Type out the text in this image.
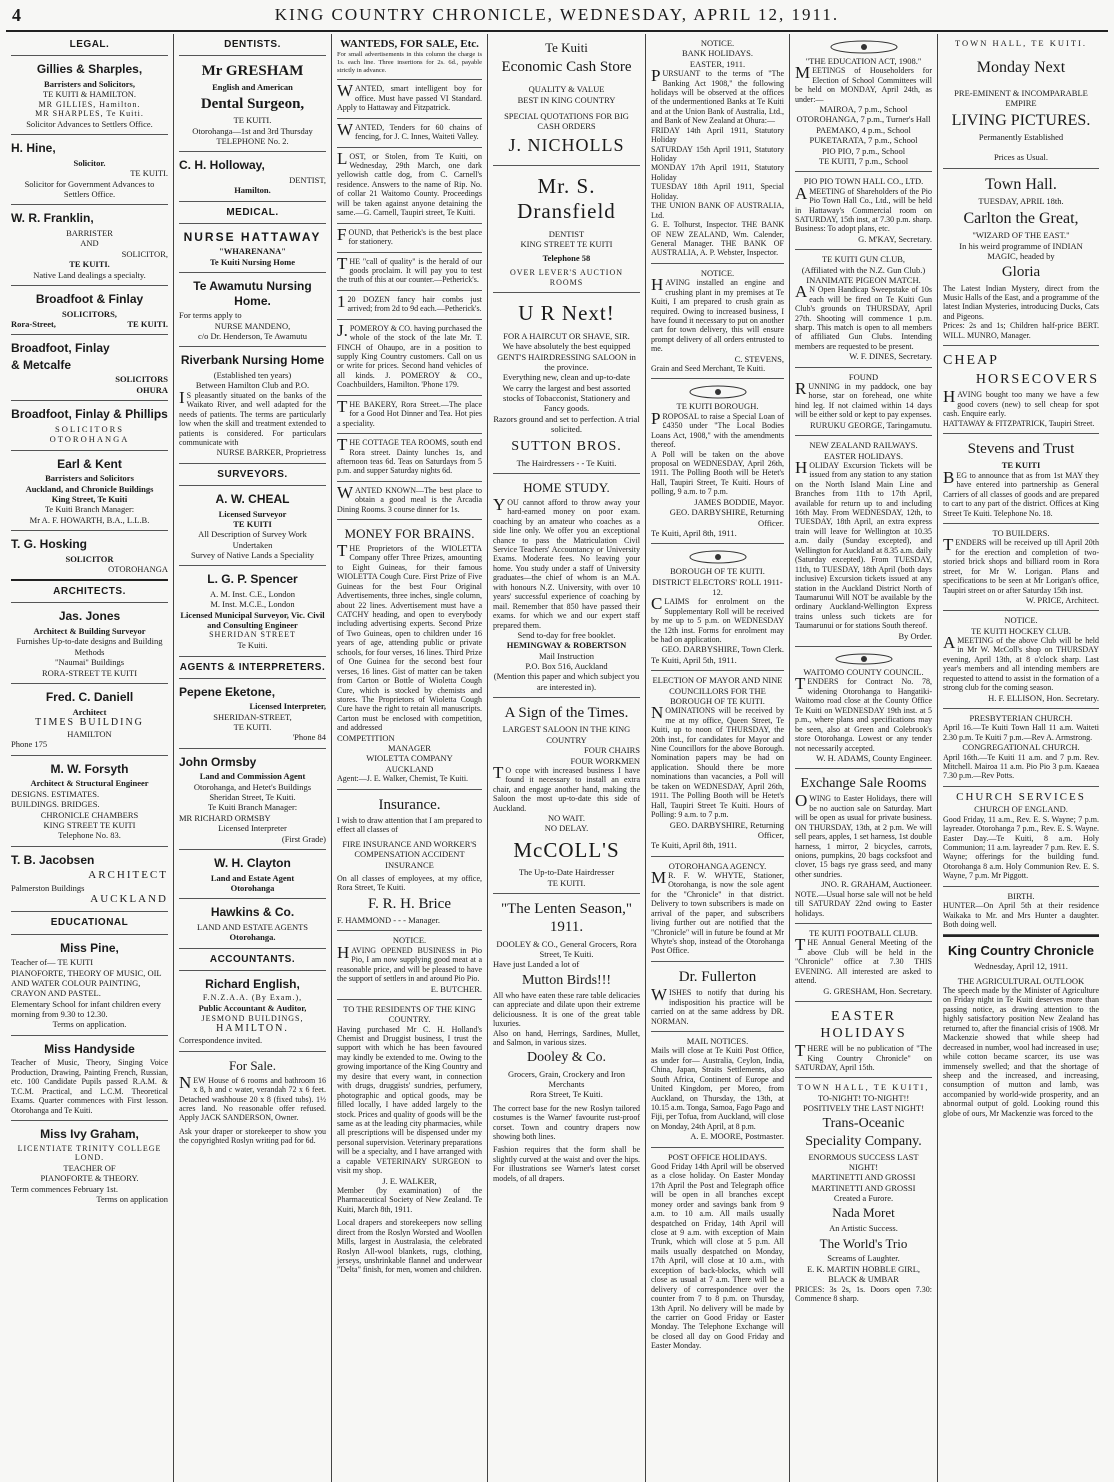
4	KING COUNTRY CHRONICLE, WEDNESDAY, APRIL 12, 1911.
LEGAL.
Gillies & Sharples,
Barristers and Solicitors,
TE KUITI & HAMILTON.
MR GILLIES, Hamilton.
MR SHARPLES, Te Kuiti.
Solicitor Advances to Settlers Office.
H. Hine,
Solicitor.
TE KUITI.
Solicitor for Government Advances to Settlers Office.
W. R. Franklin,
BARRISTER
AND
SOLICITOR,
TE KUITI.
Native Land dealings a specialty.
Broadfoot & Finlay
SOLICITORS,
Rora-Street,	TE KUITI.
Broadfoot, Finlay
& Metcalfe
SOLICITORS
OHURA
Broadfoot, Finlay & Phillips
SOLICITORS
OTOROHANGA
Earl & Kent
Barristers and Solicitors
Auckland, and Chronicle Buildings
King Street, Te Kuiti
Te Kuiti Branch Manager:
Mr A. F. HOWARTH, B.A., L.L.B.
T. G. Hosking
SOLICITOR
OTOROHANGA
ARCHITECTS.
Jas. Jones
Architect & Building Surveyor
Furnishes Up-to-date designs and Building Methods
"Naumai" Buildings
RORA-STREET TE KUITI
Fred. C. Daniell
Architect
TIMES BUILDING
HAMILTON
Phone 175
M. W. Forsyth
Architect & Structural Engineer
DESIGNS. ESTIMATES.
BUILDINGS. BRIDGES.
CHRONICLE CHAMBERS
KING STREET TE KUITI
Telephone No. 83.
T. B. Jacobsen
ARCHITECT
Palmerston Buildings
AUCKLAND
EDUCATIONAL
Miss Pine,
Teacher of— TE KUITI
PIANOFORTE, THEORY OF MUSIC, OIL AND WATER COLOUR PAINTING, CRAYON AND PASTEL.
Elementary School for infant children every morning from 9.30 to 12.30.
Terms on application.
Miss Handyside
Teacher of Music, Theory, Singing Voice Production, Drawing, Painting French, Russian, etc. 100 Candidate Pupils passed R.A.M. & T.C.M. Practical, and L.C.M. Theoretical Exams. Quarter commences with First lesson. Otorohanga and Te Kuiti.
Miss Ivy Graham,
LICENTIATE TRINITY COLLEGE LOND.
TEACHER OF
PIANOFORTE & THEORY.
Term commences February 1st.
Terms on application
DENTISTS.
Mr GRESHAM
English and American
Dental Surgeon,
TE KUITI.
Otorohanga—1st and 3rd Thursday
TELEPHONE No. 2.
C. H. Holloway,
DENTIST,
Hamilton.
MEDICAL.
NURSE HATTAWAY
"WHARENANA"
Te Kuiti Nursing Home
Te Awamutu Nursing Home.
For terms apply to
NURSE MANDENO,
c/o Dr. Henderson, Te Awamutu
Riverbank Nursing Home
(Established ten years)
Between Hamilton Club and P.O.
IS pleasantly situated on the banks of the Waikato River, and well adapted for the needs of patients. The terms are particularly low when the skill and treatment extended to patients is considered. For particulars communicate with
NURSE BARKER, Proprietress
SURVEYORS.
A. W. CHEAL
Licensed Surveyor
TE KUITI
All Description of Survey Work Undertaken
Survey of Native Lands a Speciality
L. G. P. Spencer
A. M. Inst. C.E., London
M. Inst. M.C.E., London
Licensed Municipal Surveyor, Vic. Civil and Consulting Engineer
SHERIDAN STREET
Te Kuiti.
AGENTS & INTERPRETERS.
Pepene Eketone,
Licensed Interpreter,
SHERIDAN-STREET,
TE KUITI.
'Phone 84
John Ormsby
Land and Commission Agent
Otorohanga, and Hetet's Buildings Sheridan Street, Te Kuiti.
Te Kuiti Branch Manager:
MR RICHARD ORMSBY
Licensed Interpreter
(First Grade)
W. H. Clayton
Land and Estate Agent
Otorohanga
Hawkins & Co.
LAND AND ESTATE AGENTS
Otorohanga.
ACCOUNTANTS.
Richard English,
F.N.Z.A.A. (By Exam.),
Public Accountant & Auditor,
JESMOND BUILDINGS,
HAMILTON.
Correspondence invited.
For Sale.
NEW House of 6 rooms and bathroom 16 x 8, h and c water, verandah 72 x 6 feet. Detached washhouse 20 x 8 (fixed tubs). 1½ acres land. No reasonable offer refused. Apply JACK SANDERSON, Owner.
Ask your draper or storekeeper to show you the copyrighted Roslyn writing pad for 6d.
WANTEDS, FOR SALE, Etc.
For small advertisements in this column the charge is 1s. each line. Three insertions for 2s. 6d., payable strictly in advance.
WANTED, smart intelligent boy for office. Must have passed VI Standard. Apply to Hattaway and Fitzpatrick.
WANTED, Tenders for 60 chains of fencing, for J. C. Innes, Waiteti Valley.
LOST, or Stolen, from Te Kuiti, on Wednesday, 29th March, one dark yellowish cattle dog, from C. Carnell's residence. Answers to the name of Rip. No. of collar 21 Waitomo County. Proceedings will be taken against anyone detaining the same.—G. Carnell, Taupiri street, Te Kuiti.
FOUND, that Petherick's is the best place for stationery.
THE "call of quality" is the herald of our goods proclaim. It will pay you to test the truth of this at our counter.—Petherick's.
120 DOZEN fancy hair combs just arrived; from 2d to 9d each.—Petherick's.
J.POMEROY & CO. having purchased the whole of the stock of the late Mr. T. FINCH of Ohaupo, are in a position to supply King Country customers. Call on us or write for prices. Second hand vehicles of all kinds. J. POMEROY & CO., Coachbuilders, Hamilton. 'Phone 179.
THE BAKERY, Rora Street.—The place for a Good Hot Dinner and Tea. Hot pies a speciality.
THE COTTAGE TEA ROOMS, south end Rora street. Dainty lunches 1s, and afternoon teas 6d. Teas on Saturdays from 5 p.m. and supper Saturday nights 6d.
WANTED KNOWN—The best place to obtain a good meal is the Arcadia Dining Rooms. 3 course dinner for 1s.
MONEY FOR BRAINS.
THE Proprietors of the WIOLETTA Company offer Three Prizes, amounting to Eight Guineas, for their famous WIOLETTA Cough Cure. First Prize of Five Guineas for the best Four Original Advertisements, three inches, single column, about 22 lines. Advertisement must have a CATCHY heading, and open to everybody including advertising experts. Second Prize of Two Guineas, open to children under 16 years of age, attending public or private schools, for four verses, 16 lines. Third Prize of One Guinea for the second best four verses, 16 lines. Gist of matter can be taken from Carton or Bottle of Wioletta Cough Cure, which is stocked by chemists and stores. The Proprietors of Wioletta Cough Cure have the right to retain all manuscripts. Carton must be enclosed with competition, and addressed
COMPETITION
MANAGER
WIOLETTA COMPANY
AUCKLAND
Agent:—J. E. Walker, Chemist, Te Kuiti.
Insurance.
I wish to draw attention that I am prepared to effect all classes of
FIRE INSURANCE AND WORKER'S COMPENSATION ACCIDENT INSURANCE
On all classes of employees, at my office, Rora Street, Te Kuiti.
F. R. H. Brice
F. HAMMOND - - - Manager.
NOTICE.
HAVING OPENED BUSINESS in Pio Pio, I am now supplying good meat at a reasonable price, and will be pleased to have the support of settlers in and around Pio Pio.
E. BUTCHER.
TO THE RESIDENTS OF THE KING COUNTRY.
Having purchased Mr C. H. Holland's Chemist and Druggist business, I trust the support with which he has been favoured may kindly be extended to me. Owing to the growing importance of the King Country and my desire that every want, in connection with drugs, druggists' sundries, perfumery, photographic and optical goods, may be filled locally, I have added largely to the stock. Prices and quality of goods will be the same as at the leading city pharmacies, while all prescriptions will be dispensed under my personal supervision. Veterinary preparations will be a specialty, and I have arranged with a capable VETERINARY SURGEON to visit my shop.
J. E. WALKER,
Member (by examination) of the Pharmaceutical Society of New Zealand. Te Kuiti, March 8th, 1911.
Local drapers and storekeepers now selling direct from the Roslyn Worsted and Woollen Mills, largest in Australasia, the celebrated Roslyn All-wool blankets, rugs, clothing, jerseys, unshrinkable flannel and underwear "Delta" finish, for men, women and children.
Te Kuiti
Economic Cash Store
QUALITY & VALUE
BEST IN KING COUNTRY
SPECIAL QUOTATIONS FOR BIG CASH ORDERS
J. NICHOLLS
Mr. S. Dransfield
DENTIST
KING STREET TE KUITI
Telephone 58
OVER LEVER'S AUCTION ROOMS
U R Next!
FOR A HAIRCUT OR SHAVE, SIR.
We have absolutely the best equipped
GENT'S HAIRDRESSING SALOON in the province.
Everything new, clean and up-to-date
We carry the largest and best assorted stocks of Tobacconist, Stationery and Fancy goods.
Razors ground and set to perfection. A trial solicited.
SUTTON BROS.
The Hairdressers - - Te Kuiti.
HOME STUDY.
YOU cannot afford to throw away your hard-earned money on poor exam. coaching by an amateur who coaches as a side line only. We offer you an exceptional chance to pass the Matriculation Civil Service Teachers' Accountancy or University Exams. Moderate fees. No leaving your home. You study under a staff of University graduates—the chief of whom is an M.A. with honours N.Z. University, with over 10 years' successful experience of coaching by mail. Remember that 850 have passed their exams. for which we and our expert staff prepared them.
Send to-day for free booklet.
HEMINGWAY & ROBERTSON
Mail Instruction
P.O. Box 516, Auckland
(Mention this paper and which subject you are interested in).
A Sign of the Times.
LARGEST SALOON IN THE KING COUNTRY
FOUR CHAIRS
FOUR WORKMEN
TO cope with increased business I have found it necessary to install an extra chair, and engage another hand, making the Saloon the most up-to-date this side of Auckland.
NO WAIT.
NO DELAY.
McCOLL'S
The Up-to-Date Hairdresser
TE KUITI.
"The Lenten Season," 1911.
DOOLEY & CO., General Grocers, Rora Street, Te Kuiti.
Have just Landed a lot of
Mutton Birds!!!
All who have eaten these rare table delicacies can appreciate and dilate upon their extreme deliciousness. It is one of the great table luxuries.
Also on hand, Herrings, Sardines, Mullet, and Salmon, in various sizes.
Dooley & Co.
Grocers, Grain, Crockery and Iron Merchants
Rora Street, Te Kuiti.
The correct base for the new Roslyn tailored costumes is the Warner' favourite rust-proof corset. Town and country drapers now showing both lines.
Fashion requires that the form shall be slightly curved at the waist and over the hips. For illustrations see Warner's latest corset models, of all drapers.
NOTICE.
BANK HOLIDAYS.
EASTER, 1911.
PURSUANT to the terms of "The Banking Act 1908," the following holidays will be observed at the offices of the undermentioned Banks at Te Kuiti and at the Union Bank of Australia, Ltd., and Bank of New Zealand at Ohura:—
FRIDAY 14th April 1911, Statutory Holiday
SATURDAY 15th April 1911, Statutory Holiday
MONDAY 17th April 1911, Statutory Holiday
TUESDAY 18th April 1911, Special Holiday.
THE UNION BANK OF AUSTRALIA, Ltd.
G. E. Tolhurst, Inspector. THE BANK OF NEW ZEALAND, Wm. Calender, General Manager. THE BANK OF AUSTRALIA, A. P. Webster, Inspector.
NOTICE.
HAVING installed an engine and crushing plant in my premises at Te Kuiti, I am prepared to crush grain as required. Owing to increased business, I have found it necessary to put on another cart for town delivery, this will ensure prompt delivery of all orders entrusted to me.
C. STEVENS,
Grain and Seed Merchant, Te Kuiti.
TE KUITI BOROUGH.
PROPOSAL to raise a Special Loan of £4350 under "The Local Bodies Loans Act, 1908," with the amendments thereof.
A Poll will be taken on the above proposal on WEDNESDAY, April 26th, 1911. The Polling Booth will be Hetet's Hall, Taupiri Street, Te Kuiti. Hours of polling, 9 a.m. to 7 p.m.
JAMES BODDIE, Mayor.
GEO. DARBYSHIRE, Returning Officer.
Te Kuiti, April 8th, 1911.
BOROUGH OF TE KUITI.
DISTRICT ELECTORS' ROLL 1911-12.
CLAIMS for enrolment on the Supplementary Roll will be received by me up to 5 p.m. on WEDNESDAY the 12th inst. Forms for enrolment may be had on application.
GEO. DARBYSHIRE, Town Clerk.
Te Kuiti, April 5th, 1911.
ELECTION OF MAYOR AND NINE COUNCILLORS FOR THE BOROUGH OF TE KUITI.
NOMINATIONS will be received by me at my office, Queen Street, Te Kuiti, up to noon of THURSDAY, the 20th inst., for candidates for Mayor and Nine Councillors for the above Borough. Nomination papers may be had on application. Should there be more nominations than vacancies, a Poll will be taken on WEDNESDAY, April 26th, 1911. The Polling Booth will be Hetet's Hall, Taupiri Street Te Kuiti. Hours of Polling: 9 a.m. to 7 p.m.
GEO. DARBYSHIRE, Returning Officer,
Te Kuiti, April 8th, 1911.
OTOROHANGA AGENCY.
MR. F. W. WHYTE, Stationer, Otorohanga, is now the sole agent for the "Chronicle" in that district. Delivery to town subscribers is made on arrival of the paper, and subscribers living further out are notified that the "Chronicle" will in future be found at Mr Whyte's shop, instead of the Otorohanga Post Office.
Dr. Fullerton
WISHES to notify that during his indisposition his practice will be carried on at the same address by DR. NORMAN.
MAIL NOTICES.
Mails will close at Te Kuiti Post Office, as under for— Australia, Ceylon, India, China, Japan, Straits Settlements, also South Africa, Continent of Europe and United Kingdom, per Moreo, from Auckland, on Thursday, the 13th, at 10.15 a.m. Tonga, Samoa, Fago Pago and Fiji, per Tofua, from Auckland, will close on Monday, 24th April, at 8 p.m.
A. E. MOORE, Postmaster.
POST OFFICE HOLIDAYS.
Good Friday 14th April will be observed as a close holiday. On Easter Monday 17th April the Post and Telegraph office will be open in all branches except money order and savings bank from 9 a.m. to 10 a.m. All mails usually despatched on Friday, 14th April will close at 9 a.m. with exception of Main Trunk, which will close at 5 p.m. All mails usually despatched on Monday, 17th April, will close at 10 a.m., with exception of back-blocks, which will close as usual at 7 a.m. There will be a delivery of correspondence over the counter from 7 to 8 p.m. on Thursday, 13th April. No delivery will be made by the carrier on Good Friday or Easter Monday. The Telephone Exchange will be closed all day on Good Friday and Easter Monday.
"THE EDUCATION ACT, 1908."
MEETINGS of Householders for Election of School Committees will be held on MONDAY, April 24th, as under:—
MAIROA, 7 p.m., School
OTOROHANGA, 7 p.m., Turner's Hall
PAEMAKO, 4 p.m., School
PUKETARATA, 7 p.m., School
PIO PIO, 7 p.m., School
TE KUITI, 7 p.m., School
PIO PIO TOWN HALL CO., LTD.
AMEETING of Shareholders of the Pio Pio Town Hall Co., Ltd., will be held in Hattaway's Commercial room on SATURDAY, 15th inst, at 7.30 p.m. sharp. Business: To adopt plans, etc.
G. M'KAY, Secretary.
TE KUITI GUN CLUB,
(Affiliated with the N.Z. Gun Club.)
INANIMATE PIGEON MATCH.
AN Open Handicap Sweepstake of 10s each will be fired on Te Kuiti Gun Club's grounds on THURSDAY, April 27th. Shooting will commence 1 p.m. sharp. This match is open to all members of affiliated Gun Clubs. Intending members are requested to be present.
W. F. DINES, Secretary.
FOUND
RUNNING in my paddock, one bay horse, star on forehead, one white hind leg. If not claimed within 14 days will be either sold or kept to pay expenses.
RURUKU GEORGE, Taringamutu.
NEW ZEALAND RAILWAYS.
EASTER HOLIDAYS.
HOLIDAY Excursion Tickets will be issued from any station to any station on the North Island Main Line and Branches from 11th to 17th April, available for return up to and including 16th May. From WEDNESDAY, 12th, to TUESDAY, 18th April, an extra express train will leave for Wellington at 10.35 a.m. daily (Sunday excepted), and Wellington for Auckland at 8.35 a.m. daily (Saturday excepted). From TUESDAY, 11th, to TUESDAY, 18th April (both days inclusive) Excursion tickets issued at any station in the Auckland District North of Taumarunui Will NOT be available by the ordinary Auckland-Wellington Express trains unless such tickets are for Taumarunui or for stations South thereof.
By Order.
WAITOMO COUNTY COUNCIL.
TENDERS for Contract No. 78, widening Otorohanga to Hangatiki-Waitomo road close at the County Office Te Kuiti on WEDNESDAY 19th inst. at 5 p.m., where plans and specifications may be seen, also at Green and Colebrook's store Otorohanga. Lowest or any tender not necessarily accepted.
W. H. ADAMS, County Engineer.
Exchange Sale Rooms
OWING to Easter Holidays, there will be no auction sale on Saturday. Mart will be open as usual for private business. ON THURSDAY, 13th, at 2 p.m. We will sell pears, apples, 1 set harness, 1st double harness, 1 mirror, 2 bicycles, carrots, onions, pumpkins, 20 bags cocksfoot and clover, 15 bags rye grass seed, and many other sundries.
JNO. R. GRAHAM, Auctioneer.
NOTE.—Usual horse sale will not be held till SATURDAY 22nd owing to Easter holidays.
TE KUITI FOOTBALL CLUB.
THE Annual General Meeting of the above Club will be held in the "Chronicle" office at 7.30 THIS EVENING. All interested are asked to attend.
G. GRESHAM, Hon. Secretary.
EASTER HOLIDAYS
THERE will be no publication of "The King Country Chronicle" on SATURDAY, April 15th.
TOWN HALL, TE KUITI,
TO-NIGHT! TO-NIGHT!!
POSITIVELY THE LAST NIGHT!
Trans-Oceanic Speciality Company.
ENORMOUS SUCCESS LAST NIGHT!
MARTINETTI AND GROSSI
MARTINETTI AND GROSSI
Created a Furore.
Nada Moret
An Artistic Success.
The World's Trio
Screams of Laughter.
E. K. MARTIN HOBBLE GIRL, BLACK & UMBAR
PRICES: 3s 2s, 1s. Doors open 7.30: Commence 8 sharp.
TOWN HALL, TE KUITI.
Monday Next
PRE-EMINENT & INCOMPARABLE
EMPIRE
LIVING PICTURES.
Permanently Established
Prices as Usual.
Town Hall.
TUESDAY, APRIL 18th.
Carlton the Great,
"WIZARD OF THE EAST."
In his weird programme of INDIAN MAGIC, headed by
Gloria
The Latest Indian Mystery, direct from the Music Halls of the East, and a programme of the latest Indian Mysteries, introducing Ducks, Cats and Pigeons.
Prices: 2s and 1s; Children half-price BERT. WILL. MUNRO, Manager.
CHEAP
HORSECOVERS
HAVING bought too many we have a few good covers (new) to sell cheap for spot cash. Enquire early.
HATTAWAY & FITZPATRICK, Taupiri Street.
Stevens and Trust
TE KUITI
BEG to announce that as from 1st MAY they have entered into partnership as General Carriers of all classes of goods and are prepared to cart to any part of the district. Offices at King Street Te Kuiti. Telephone No. 18.
TO BUILDERS.
TENDERS will be received up till April 20th for the erection and completion of two-storied brick shops and billiard room in Rora street, for Mr W. Lorigan. Plans and specifications to be seen at Mr Lorigan's office, Taupiri street on or after Saturday 15th inst.
W. PRICE, Architect.
NOTICE.
TE KUITI HOCKEY CLUB.
AMEETING of the above Club will be held in Mr W. McColl's shop on THURSDAY evening, April 13th, at 8 o'clock sharp. Last year's members and all intending members are requested to attend to assist in the formation of a strong club for the coming season.
H. F. ELLISON, Hon. Secretary.
PRESBYTERIAN CHURCH.
April 16.—Te Kuiti Town Hall 11 a.m. Waiteti 2.30 p.m. Te Kuiti 7 p.m.—Rev A. Armstrong.
CONGREGATIONAL CHURCH.
April 16th.—Te Kuiti 11 a.m. and 7 p.m. Rev. Mitchell. Mairoa 11 a.m. Pio Pio 3 p.m. Kaeaea 7.30 p.m.—Rev Potts.
CHURCH SERVICES
CHURCH OF ENGLAND.
Good Friday, 11 a.m., Rev. E. S. Wayne; 7 p.m. layreader. Otorohanga 7 p.m., Rev. E. S. Wayne. Easter Day.—Te Kuiti, 8 a.m. Holy Communion; 11 a.m. layreader 7 p.m. Rev. E. S. Wayne; offerings for the building fund. Otorohanga 8 a.m. Holy Communion Rev. E. S. Wayne, 7 p.m. Mr Piggott.
BIRTH.
HUNTER—On April 5th at their residence Waikaka to Mr. and Mrs Hunter a daughter. Both doing well.
King Country Chronicle
Wednesday, April 12, 1911.
THE AGRICULTURAL OUTLOOK
The speech made by the Minister of Agriculture on Friday night in Te Kuiti deserves more than passing notice, as drawing attention to the highly satisfactory position New Zealand has returned to, after the financial crisis of 1908. Mr Mackenzie showed that while sheep had decreased in number, wool had increased in use; while cotton became scarcer, its use was immensely swelled; and that the shortage of sheep and the increased, and increasing, consumption of mutton and lamb, was accompanied by world-wide prosperity, and an abnormal output of gold. Looking round this globe of ours, Mr Mackenzie was forced to the
